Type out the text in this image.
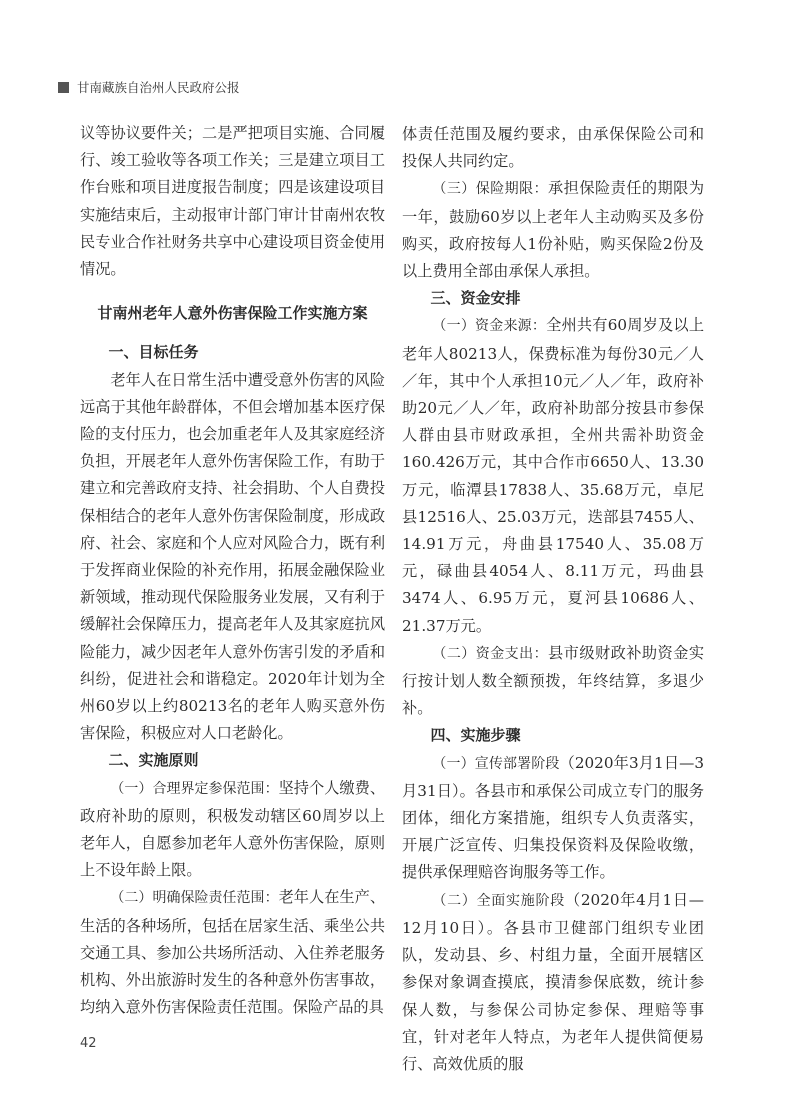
甘南藏族自治州人民政府公报

议等协议要件关；二是严把项目实施、合同履行、竣工验收等各项工作关；三是建立项目工作台账和项目进度报告制度；四是该建设项目实施结束后，主动报审计部门审计甘南州农牧民专业合作社财务共享中心建设项目资金使用情况。

甘南州老年人意外伤害保险工作实施方案

一、目标任务

老年人在日常生活中遭受意外伤害的风险远高于其他年龄群体，不但会增加基本医疗保险的支付压力，也会加重老年人及其家庭经济负担，开展老年人意外伤害保险工作，有助于建立和完善政府支持、社会捐助、个人自费投保相结合的老年人意外伤害保险制度，形成政府、社会、家庭和个人应对风险合力，既有利于发挥商业保险的补充作用，拓展金融保险业新领域，推动现代保险服务业发展，又有利于缓解社会保障压力，提高老年人及其家庭抗风险能力，减少因老年人意外伤害引发的矛盾和纠纷，促进社会和谐稳定。2020年计划为全州60岁以上约80213名的老年人购买意外伤害保险，积极应对人口老龄化。

二、实施原则

（一）合理界定参保范围：坚持个人缴费、政府补助的原则，积极发动辖区60周岁以上老年人，自愿参加老年人意外伤害保险，原则上不设年龄上限。

（二）明确保险责任范围：老年人在生产、生活的各种场所，包括在居家生活、乘坐公共交通工具、参加公共场所活动、入住养老服务机构、外出旅游时发生的各种意外伤害事故，均纳入意外伤害保险责任范围。保险产品的具

体责任范围及履约要求，由承保保险公司和投保人共同约定。

（三）保险期限：承担保险责任的期限为一年，鼓励60岁以上老年人主动购买及多份购买，政府按每人1份补贴，购买保险2份及以上费用全部由承保人承担。

三、资金安排

（一）资金来源：全州共有60周岁及以上老年人80213人，保费标准为每份30元／人／年，其中个人承担10元／人／年，政府补助20元／人／年，政府补助部分按县市参保人群由县市财政承担，全州共需补助资金160.426万元，其中合作市6650人、13.30万元，临潭县17838人、35.68万元，卓尼县12516人、25.03万元，迭部县7455人、14.91万元，舟曲县17540人、35.08万元，碌曲县4054人、8.11万元，玛曲县3474人、6.95万元，夏河县10686人、21.37万元。

（二）资金支出：县市级财政补助资金实行按计划人数全额预拨，年终结算，多退少补。

四、实施步骤

（一）宣传部署阶段（2020年3月1日—3月31日）。各县市和承保公司成立专门的服务团体，细化方案措施，组织专人负责落实，开展广泛宣传、归集投保资料及保险收缴，提供承保理赔咨询服务等工作。

（二）全面实施阶段（2020年4月1日—12月10日）。各县市卫健部门组织专业团队，发动县、乡、村组力量，全面开展辖区参保对象调查摸底，摸清参保底数，统计参保人数，与参保公司协定参保、理赔等事宜，针对老年人特点，为老年人提供简便易行、高效优质的服

42
